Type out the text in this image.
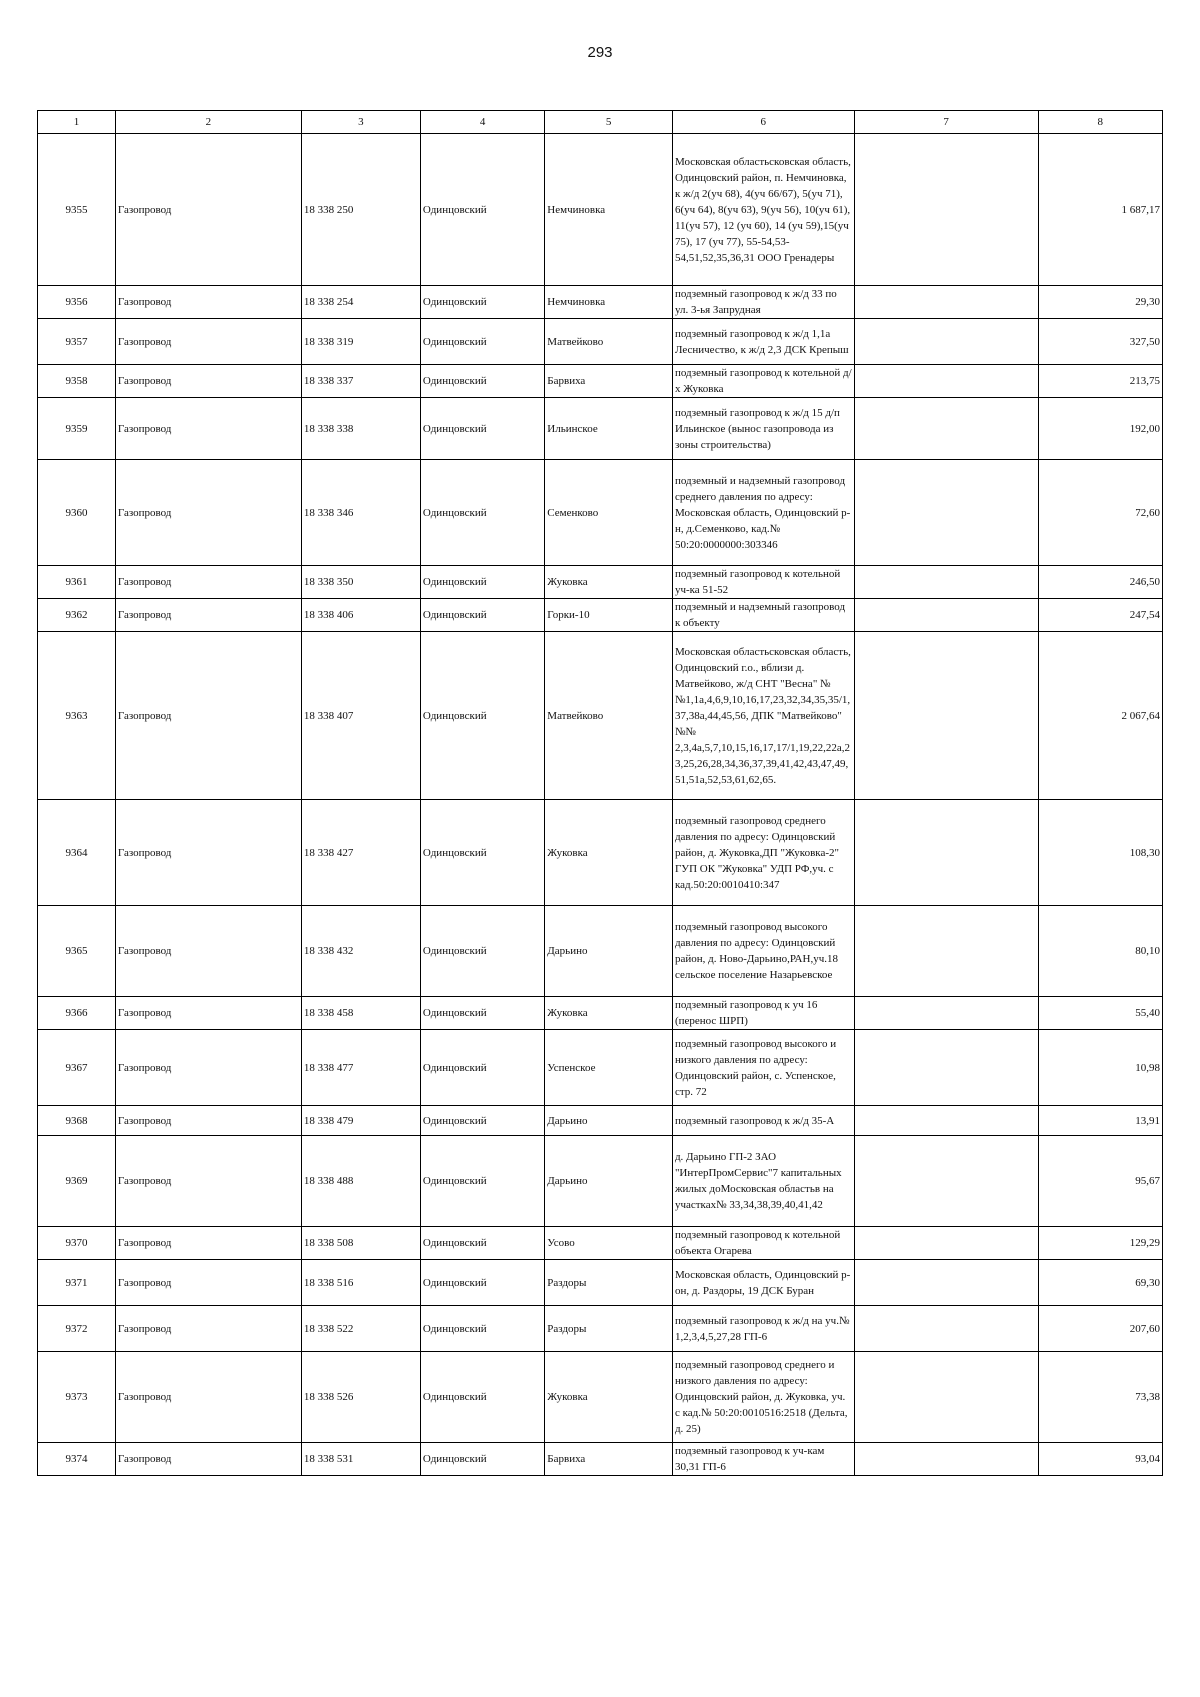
293
1	2	3	4	5	6	7	8
9355	Газопровод	18 338 250	Одинцовский	Немчиновка	Московская областьсковская область, Одинцовский район, п. Немчиновка, к ж/д 2(уч 68), 4(уч 66/67), 5(уч 71), 6(уч 64), 8(уч 63), 9(уч 56), 10(уч 61), 11(уч 57), 12 (уч 60), 14 (уч 59),15(уч 75), 17 (уч 77), 55-54,53-54,51,52,35,36,31 ООО Гренадеры		1 687,17
9356	Газопровод	18 338 254	Одинцовский	Немчиновка	подземный газопровод к ж/д 33 по ул. 3-ья Запрудная		29,30
9357	Газопровод	18 338 319	Одинцовский	Матвейково	подземный газопровод к ж/д 1,1а Лесничество, к ж/д 2,3 ДСК Крепыш		327,50
9358	Газопровод	18 338 337	Одинцовский	Барвиха	подземный газопровод к котельной д/х Жуковка		213,75
9359	Газопровод	18 338 338	Одинцовский	Ильинское	подземный газопровод к ж/д 15 д/п Ильинское (вынос газопровода из зоны строительства)		192,00
9360	Газопровод	18 338 346	Одинцовский	Семенково	подземный и надземный газопровод среднего давления по адресу: Московская область, Одинцовский р-н, д.Семенково, кад.№ 50:20:0000000:303346		72,60
9361	Газопровод	18 338 350	Одинцовский	Жуковка	подземный газопровод к котельной уч-ка 51-52		246,50
9362	Газопровод	18 338 406	Одинцовский	Горки-10	подземный и надземный газопровод к объекту		247,54
9363	Газопровод	18 338 407	Одинцовский	Матвейково	Московская областьсковская область, Одинцовский г.о., вблизи д. Матвейково, ж/д СНТ "Весна" №№1,1а,4,6,9,10,16,17,23,32,34,35,35/1,37,38а,44,45,56, ДПК "Матвейково" №№ 2,3,4а,5,7,10,15,16,17,17/1,19,22,22а,23,25,26,28,34,36,37,39,41,42,43,47,49,51,51а,52,53,61,62,65.		2 067,64
9364	Газопровод	18 338 427	Одинцовский	Жуковка	подземный газопровод среднего давления по адресу: Одинцовский район, д. Жуковка,ДП "Жуковка-2" ГУП ОК "Жуковка" УДП РФ,уч. с кад.50:20:0010410:347		108,30
9365	Газопровод	18 338 432	Одинцовский	Дарьино	подземный газопровод высокого давления по адресу: Одинцовский район, д. Ново-Дарьино,РАН,уч.18 сельское поселение Назарьевское		80,10
9366	Газопровод	18 338 458	Одинцовский	Жуковка	подземный газопровод к уч 16 (перенос ШРП)		55,40
9367	Газопровод	18 338 477	Одинцовский	Успенское	подземный газопровод высокого и низкого давления по адресу: Одинцовский район, с. Успенское, стр. 72		10,98
9368	Газопровод	18 338 479	Одинцовский	Дарьино	подземный газопровод к ж/д 35-А		13,91
9369	Газопровод	18 338 488	Одинцовский	Дарьино	д. Дарьино ГП-2 ЗАО "ИнтерПромСервис"7 капитальных жилых доМосковская областьв на участках№ 33,34,38,39,40,41,42		95,67
9370	Газопровод	18 338 508	Одинцовский	Усово	подземный газопровод к котельной объекта Огарева		129,29
9371	Газопровод	18 338 516	Одинцовский	Раздоры	Московская область, Одинцовский р-он, д. Раздоры, 19 ДСК Буран		69,30
9372	Газопровод	18 338 522	Одинцовский	Раздоры	подземный газопровод к ж/д на уч.№ 1,2,3,4,5,27,28 ГП-6		207,60
9373	Газопровод	18 338 526	Одинцовский	Жуковка	подземный газопровод среднего и низкого давления по адресу: Одинцовский район, д. Жуковка, уч. с кад.№ 50:20:0010516:2518 (Дельта, д. 25)		73,38
9374	Газопровод	18 338 531	Одинцовский	Барвиха	подземный газопровод к уч-кам 30,31 ГП-6		93,04
